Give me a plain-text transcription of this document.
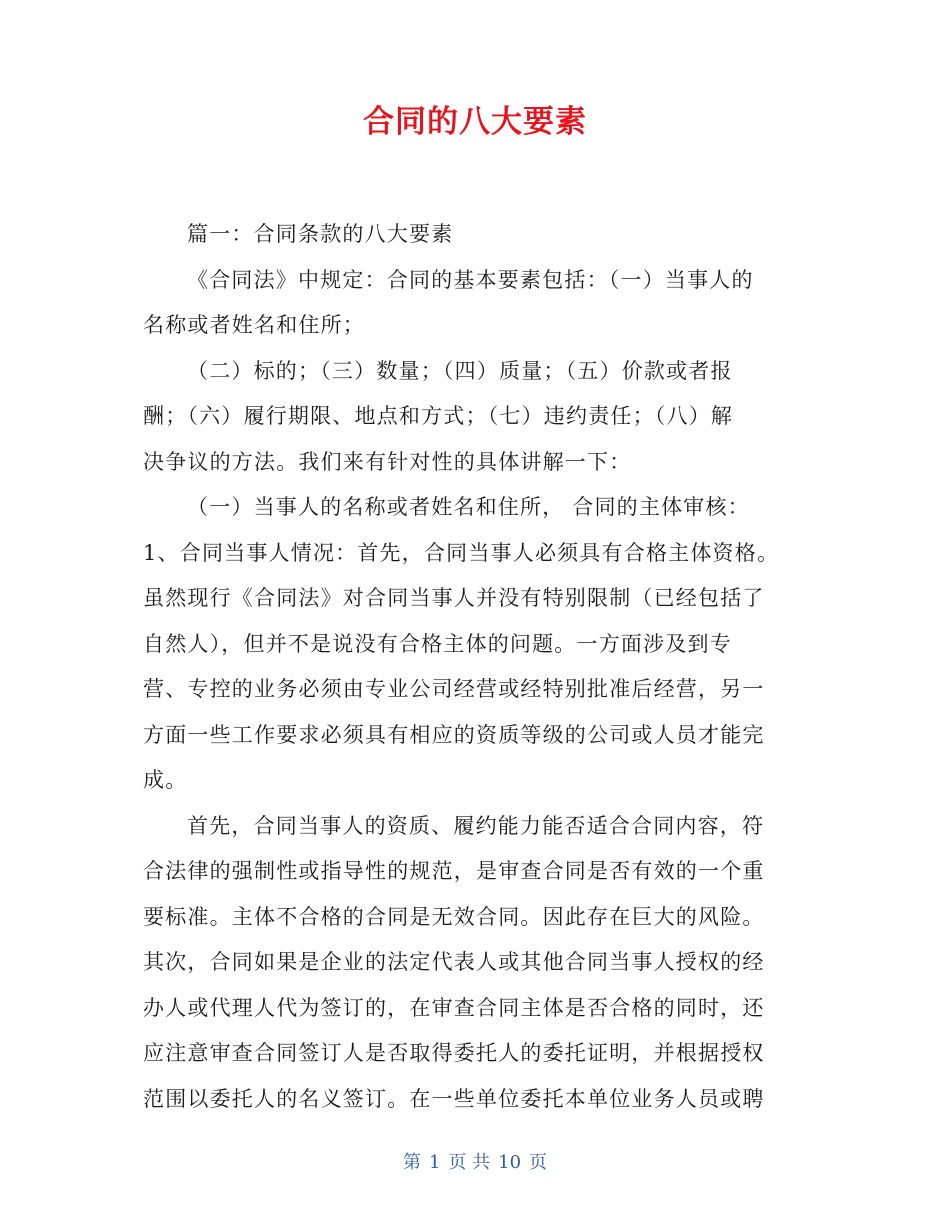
合同的八大要素
篇一：合同条款的八大要素
《合同法》中规定：合同的基本要素包括：（一）当事人的
名称或者姓名和住所；
（二）标的；（三）数量；（四）质量；（五）价款或者报
酬；（六）履行期限、地点和方式；（七）违约责任；（八）解
决争议的方法。我们来有针对性的具体讲解一下：
（一）当事人的名称或者姓名和住所， 合同的主体审核：
1、合同当事人情况：首先，合同当事人必须具有合格主体资格。
虽然现行《合同法》对合同当事人并没有特别限制（已经包括了
自然人），但并不是说没有合格主体的问题。一方面涉及到专
营、专控的业务必须由专业公司经营或经特别批准后经营，另一
方面一些工作要求必须具有相应的资质等级的公司或人员才能完
成。
首先，合同当事人的资质、履约能力能否适合合同内容，符
合法律的强制性或指导性的规范，是审查合同是否有效的一个重
要标准。主体不合格的合同是无效合同。因此存在巨大的风险。
其次，合同如果是企业的法定代表人或其他合同当事人授权的经
办人或代理人代为签订的，在审查合同主体是否合格的同时，还
应注意审查合同签订人是否取得委托人的委托证明，并根据授权
范围以委托人的名义签订。在一些单位委托本单位业务人员或聘
第 1 页 共 10 页
